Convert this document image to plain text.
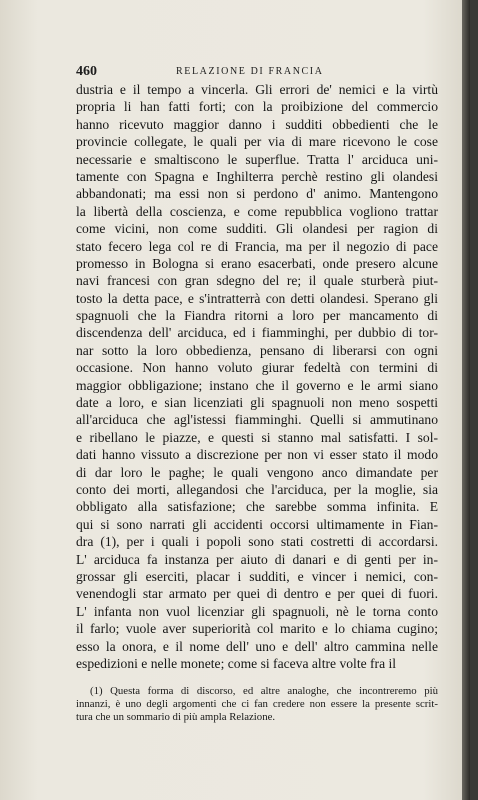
460	RELAZIONE DI FRANCIA
dustria e il tempo a vincerla. Gli errori de' nemici e la virtù
propria li han fatti forti; con la proibizione del commercio
hanno ricevuto maggior danno i sudditi obbedienti che le
provincie collegate, le quali per via di mare ricevono le cose
necessarie e smaltiscono le superflue. Tratta l' arciduca uni-
tamente con Spagna e Inghilterra perchè restino gli olandesi
abbandonati; ma essi non si perdono d' animo. Mantengono
la libertà della coscienza, e come repubblica vogliono trattar
come vicini, non come sudditi. Gli olandesi per ragion di
stato fecero lega col re di Francia, ma per il negozio di pace
promesso in Bologna si erano esacerbati, onde presero alcune
navi francesi con gran sdegno del re; il quale sturberà piut-
tosto la detta pace, e s'intratterrà con detti olandesi. Sperano gli
spagnuoli che la Fiandra ritorni a loro per mancamento di
discendenza dell' arciduca, ed i fiamminghi, per dubbio di tor-
nar sotto la loro obbedienza, pensano di liberarsi con ogni
occasione. Non hanno voluto giurar fedeltà con termini di
maggior obbligazione; instano che il governo e le armi siano
date a loro, e sian licenziati gli spagnuoli non meno sospetti
all'arciduca che agl'istessi fiamminghi. Quelli si ammutinano
e ribellano le piazze, e questi si stanno mal satisfatti. I sol-
dati hanno vissuto a discrezione per non vi esser stato il modo
di dar loro le paghe; le quali vengono anco dimandate per
conto dei morti, allegandosi che l'arciduca, per la moglie, sia
obbligato alla satisfazione; che sarebbe somma infinita. E
qui si sono narrati gli accidenti occorsi ultimamente in Fian-
dra (1), per i quali i popoli sono stati costretti di accordarsi.
L' arciduca fa instanza per aiuto di danari e di genti per in-
grossar gli eserciti, placar i sudditi, e vincer i nemici, con-
venendogli star armato per quei di dentro e per quei di fuori.
L' infanta non vuol licenziar gli spagnuoli, nè le torna conto
il farlo; vuole aver superiorità col marito e lo chiama cugino;
esso la onora, e il nome dell' uno e dell' altro cammina nelle
espedizioni e nelle monete; come si faceva altre volte fra il
(1) Questa forma di discorso, ed altre analoghe, che incontreremo più
innanzi, è uno degli argomenti che ci fan credere non essere la presente scrit-
tura che un sommario di più ampla Relazione.
